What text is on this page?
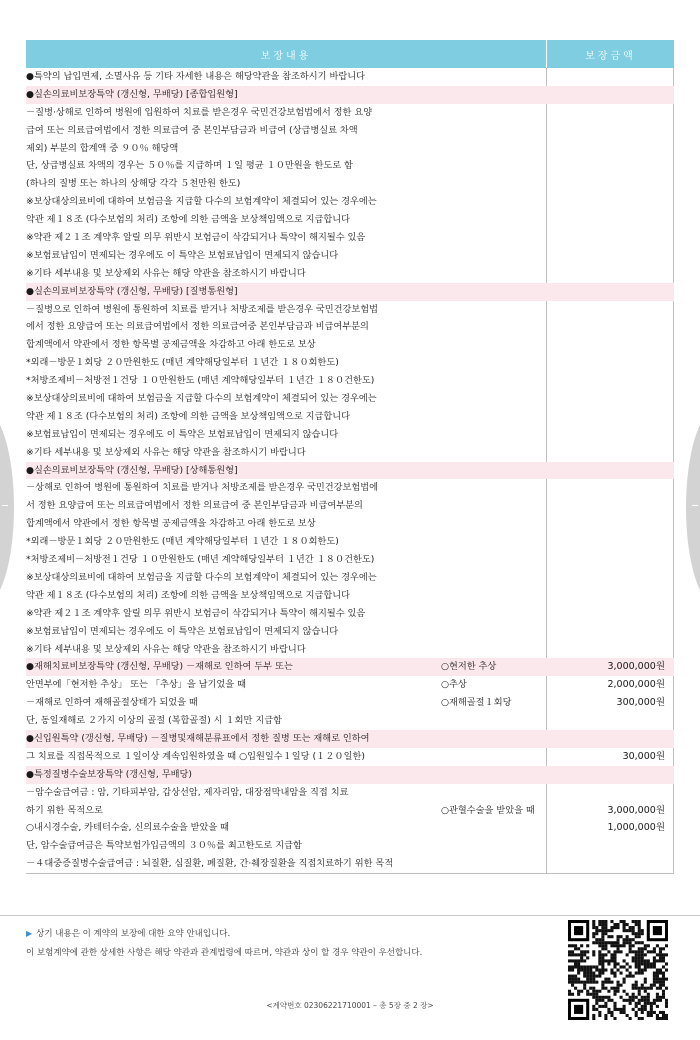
보장내용	보장금액
●특약의 납입면제, 소멸사유 등 기타 자세한 내용은 해당약관을 참조하시기 바랍니다
●실손의료비보장특약 (갱신형, 무배당) [종합입원형]
－질병·상해로 인하여 병원에 입원하여 치료를 받은경우 국민건강보험법에서 정한 요양
급여 또는 의료급여법에서 정한 의료급여 중 본인부담금과 비급여 (상급병실료 차액
제외) 부분의 합계액 중 ９０％ 해당액
단, 상급병실료 차액의 경우는 ５０％를 지급하며 １일 평균 １０만원을 한도로 함
(하나의 질병 또는 하나의 상해당 각각 ５천만원 한도)
※보상대상의료비에 대하여 보험금을 지급할 다수의 보험계약이 체결되어 있는 경우에는
약관 제１８조 (다수보험의 처리) 조항에 의한 금액을 보상책임액으로 지급합니다
※약관 제２１조 계약후 알릴 의무 위반시 보험금이 삭감되거나 특약이 해지될수 있음
※보험료납입이 면제되는 경우에도 이 특약은 보험료납입이 면제되지 않습니다
※기타 세부내용 및 보상제외 사유는 해당 약관을 참조하시기 바랍니다
●실손의료비보장특약 (갱신형, 무배당) [질병통원형]
－질병으로 인하여 병원에 통원하여 치료를 받거나 처방조제를 받은경우 국민건강보험법
에서 정한 요양급여 또는 의료급여법에서 정한 의료급여중 본인부담금과 비급여부분의
합계액에서 약관에서 정한 항목별 공제금액을 차감하고 아래 한도로 보상
*외래－방문１회당 ２０만원한도 (매년 계약해당일부터 １년간 １８０회한도)
*처방조제비－처방전１건당 １０만원한도 (매년 계약해당일부터 １년간 １８０건한도)
※보상대상의료비에 대하여 보험금을 지급할 다수의 보험계약이 체결되어 있는 경우에는
약관 제１８조 (다수보험의 처리) 조항에 의한 금액을 보상책임액으로 지급합니다
※보험료납입이 면제되는 경우에도 이 특약은 보험료납입이 면제되지 않습니다
※기타 세부내용 및 보상제외 사유는 해당 약관을 참조하시기 바랍니다
●실손의료비보장특약 (갱신형, 무배당) [상해통원형]
－상해로 인하여 병원에 통원하여 치료를 받거나 처방조제를 받은경우 국민건강보험법에
서 정한 요양급여 또는 의료급여법에서 정한 의료급여 중 본인부담금과 비급여부분의
합계액에서 약관에서 정한 항목별 공제금액을 차감하고 아래 한도로 보상
*외래－방문１회당 ２０만원한도 (매년 계약해당일부터 １년간 １８０회한도)
*처방조제비－처방전１건당 １０만원한도 (매년 계약해당일부터 １년간 １８０건한도)
※보상대상의료비에 대하여 보험금을 지급할 다수의 보험계약이 체결되어 있는 경우에는
약관 제１８조 (다수보험의 처리) 조항에 의한 금액을 보상책임액으로 지급합니다
※약관 제２１조 계약후 알릴 의무 위반시 보험금이 삭감되거나 특약이 해지될수 있음
※보험료납입이 면제되는 경우에도 이 특약은 보험료납입이 면제되지 않습니다
※기타 세부내용 및 보상제외 사유는 해당 약관을 참조하시기 바랍니다
●재해치료비보장특약 (갱신형, 무배당) －재해로 인하여 두부 또는	○현저한 추상	3,000,000원
안면부에「현저한 추상」 또는 「추상」을 남기었을 때	○추상	2,000,000원
－재해로 인하여 재해골절상태가 되었을 때	○재해골절１회당	300,000원
단, 동일재해로 ２가지 이상의 골절 (복합골절) 시 １회만 지급함
●신입원특약 (갱신형, 무배당) －질병및재해분류표에서 정한 질병 또는 재해로 인하여
그 치료를 직접목적으로 １일이상 계속입원하였을 때 ○입원일수１일당 (１２０일한)	30,000원
●특정질병수술보장특약 (갱신형, 무배당)
－암수술급여금 : 암, 기타피부암, 갑상선암, 제자리암, 대장점막내암을 직접 치료
하기 위한 목적으로	○관혈수술을 받았을 때	3,000,000원
○내시경수술, 카테터수술, 신의료수술을 받았을 때	1,000,000원
단, 암수술급여금은 특약보험가입금액의 ３０％를 최고한도로 지급함
－４대중증질병수술급여금 : 뇌질환, 심질환, 폐질환, 간·췌장질환을 직접치료하기 위한 목적
▶ 상기 내용은 이 계약의 보장에 대한 요약 안내입니다.
이 보험계약에 관한 상세한 사항은 해당 약관과 관계법령에 따르며, 약관과 상이 할 경우 약관이 우선합니다.
<계약번호 02306221710001 – 총 5장 중 2 장>
